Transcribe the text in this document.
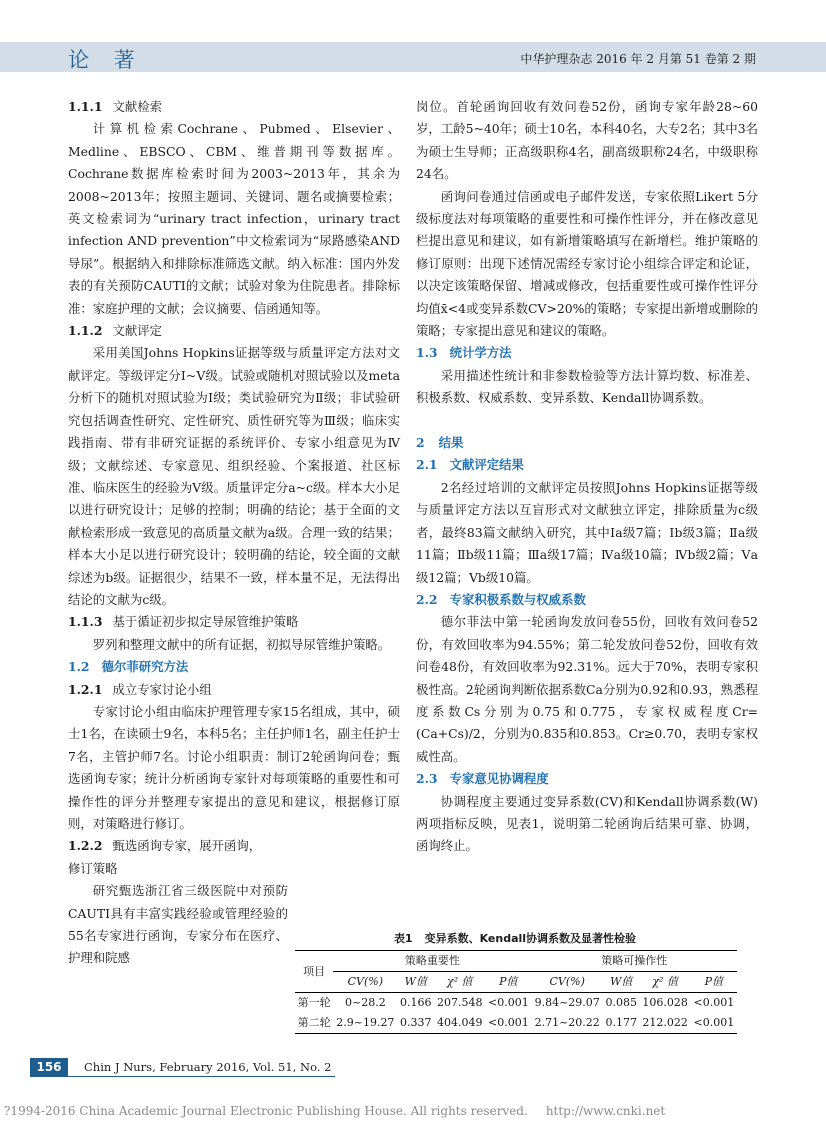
论 著	中华护理杂志 2016 年 2 月第 51 卷第 2 期
1.1.1 文献检索

计算机检索Cochrane、Pubmed、Elsevier、Medline、EBSCO、CBM、维普期刊等数据库。Cochrane数据库检索时间为2003~2013年，其余为2008~2013年；按照主题词、关键词、题名或摘要检索；英文检索词为“urinary tract infection，urinary tract infection AND prevention”中文检索词为“尿路感染AND导尿”。根据纳入和排除标准筛选文献。纳入标准：国内外发表的有关预防CAUTI的文献；试验对象为住院患者。排除标准：家庭护理的文献；会议摘要、信函通知等。

1.1.2 文献评定

采用美国Johns Hopkins证据等级与质量评定方法对文献评定。等级评定分Ⅰ~Ⅴ级。试验或随机对照试验以及meta分析下的随机对照试验为Ⅰ级；类试验研究为Ⅱ级；非试验研究包括调查性研究、定性研究、质性研究等为Ⅲ级；临床实践指南、带有非研究证据的系统评价、专家小组意见为Ⅳ级；文献综述、专家意见、组织经验、个案报道、社区标准、临床医生的经验为Ⅴ级。质量评定分a~c级。样本大小足以进行研究设计；足够的控制；明确的结论；基于全面的文献检索形成一致意见的高质量文献为a级。合理一致的结果；样本大小足以进行研究设计；较明确的结论，较全面的文献综述为b级。证据很少，结果不一致，样本量不足，无法得出结论的文献为c级。

1.1.3 基于循证初步拟定导尿管维护策略

罗列和整理文献中的所有证据，初拟导尿管维护策略。

1.2 德尔菲研究方法
1.2.1 成立专家讨论小组

专家讨论小组由临床护理管理专家15名组成，其中，硕士1名，在读硕士9名，本科5名；主任护师1名，副主任护士7名，主管护师7名。讨论小组职责：制订2轮函询问卷；甄选函询专家；统计分析函询专家针对每项策略的重要性和可操作性的评分并整理专家提出的意见和建议，根据修订原则，对策略进行修订。

1.2.2 甄选函询专家，展开函询，
修订策略

研究甄选浙江省三级医院中对预防CAUTI具有丰富实践经验或管理经验的55名专家进行函询，专家分布在医疗、护理和院感

岗位。首轮函询回收有效问卷52份，函询专家年龄28~60岁，工龄5~40年；硕士10名，本科40名，大专2名；其中3名为硕士生导师；正高级职称4名，副高级职称24名，中级职称24名。

函询问卷通过信函或电子邮件发送，专家依照Likert 5分级标度法对每项策略的重要性和可操作性评分，并在修改意见栏提出意见和建议，如有新增策略填写在新增栏。维护策略的修订原则：出现下述情况需经专家讨论小组综合评定和论证，以决定该策略保留、增减或修改，包括重要性或可操作性评分均值x̄<4或变异系数CV>20%的策略；专家提出新增或删除的策略；专家提出意见和建议的策略。

1.3 统计学方法

采用描述性统计和非参数检验等方法计算均数、标准差、积极系数、权威系数、变异系数、Kendall协调系数。

2 结果
2.1 文献评定结果

2名经过培训的文献评定员按照Johns Hopkins证据等级与质量评定方法以互盲形式对文献独立评定，排除质量为c级者，最终83篇文献纳入研究，其中Ⅰa级7篇；Ⅰb级3篇；Ⅱa级11篇；Ⅱb级11篇；Ⅲa级17篇；Ⅳa级10篇；Ⅳb级2篇；Ⅴa级12篇；Ⅴb级10篇。

2.2 专家积极系数与权威系数

德尔菲法中第一轮函询发放问卷55份，回收有效问卷52份，有效回收率为94.55%；第二轮发放问卷52份，回收有效问卷48份，有效回收率为92.31%。远大于70%，表明专家积极性高。2轮函询判断依据系数Ca分别为0.92和0.93，熟悉程度系数Cs分别为0.75和0.775，专家权威程度Cr=(Ca+Cs)/2，分别为0.835和0.853。Cr≥0.70，表明专家权威性高。

2.3 专家意见协调程度

协调程度主要通过变异系数(CV)和Kendall协调系数(W)两项指标反映，见表1，说明第二轮函询后结果可靠、协调，函询终止。

表1 变异系数、Kendall协调系数及显著性检验
项目	策略重要性				策略可操作性			
	CV(%)	W值	χ² 值	P值	CV(%)	W值	χ² 值	P值
第一轮	0~28.2	0.166	207.548	<0.001	9.84~29.07	0.085	106.028	<0.001
第二轮	2.9~19.27	0.337	404.049	<0.001	2.71~20.22	0.177	212.022	<0.001
156	Chin J Nurs, February 2016, Vol. 51, No. 2
?1994-2016 China Academic Journal Electronic Publishing House. All rights reserved. http://www.cnki.net
